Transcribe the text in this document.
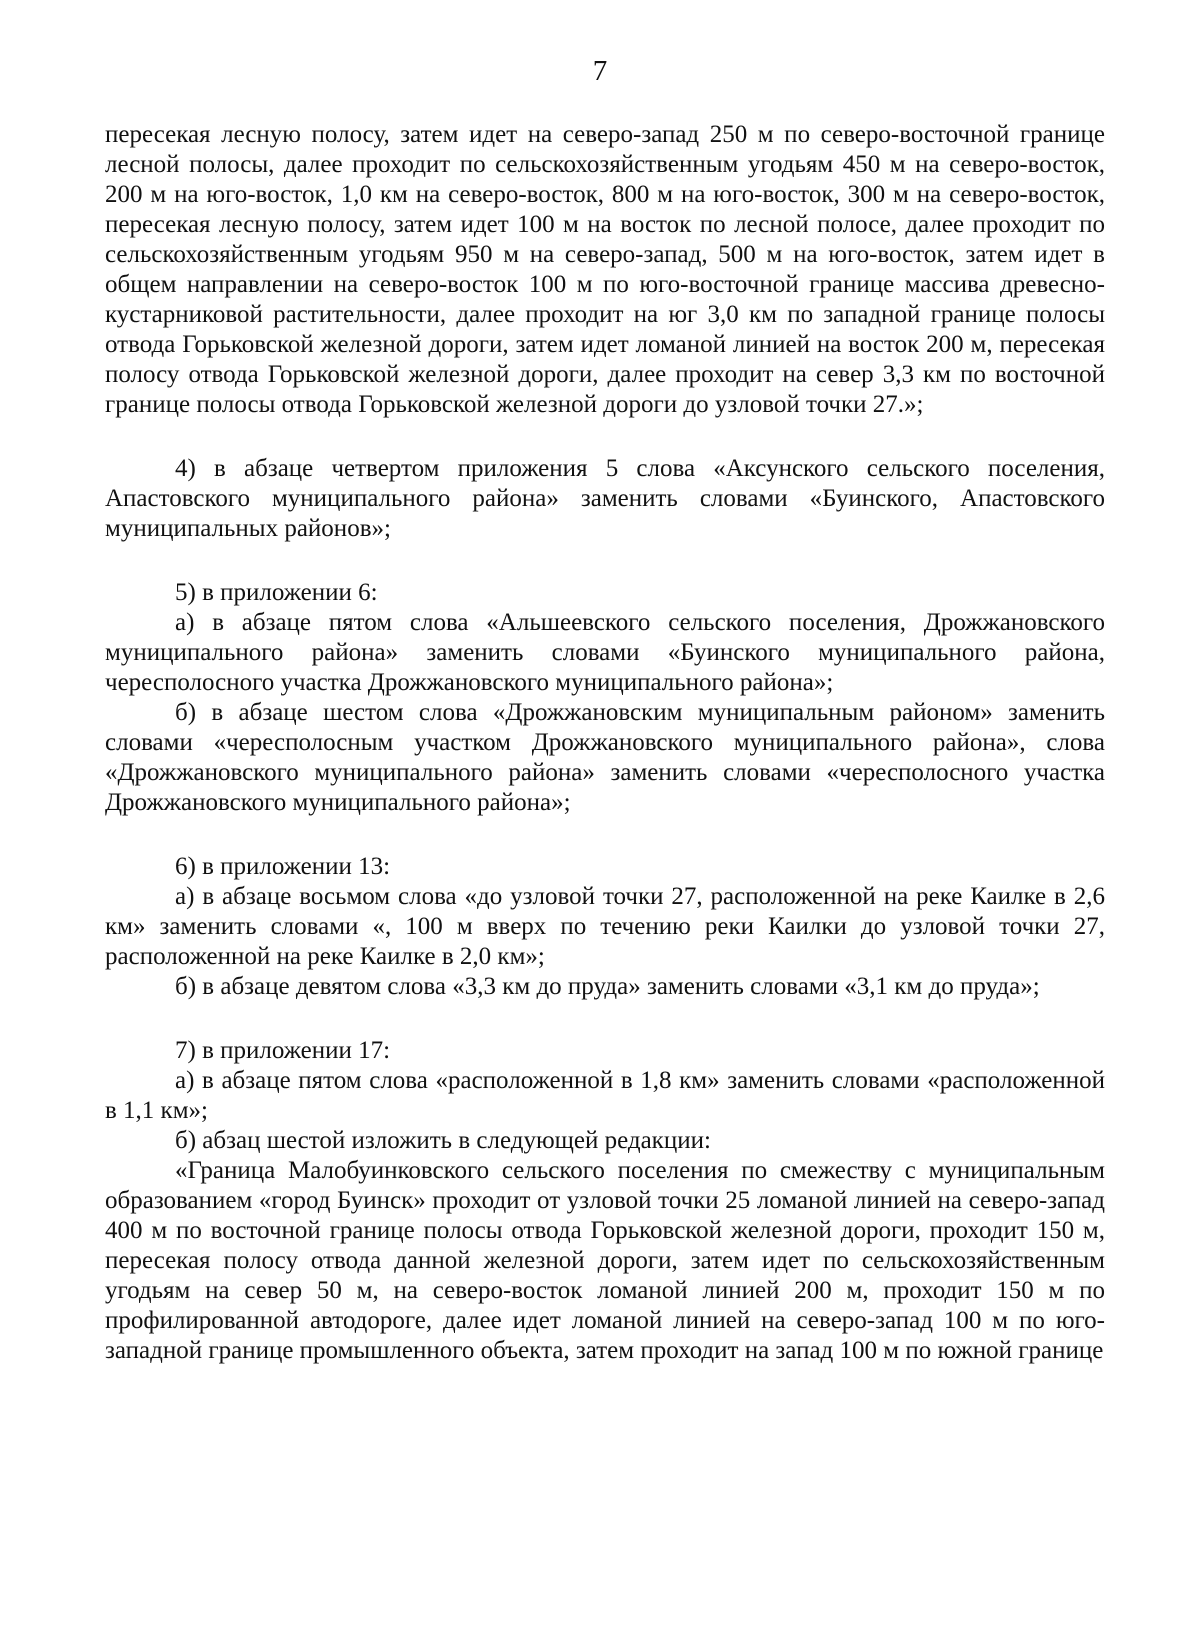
7

пересекая лесную полосу, затем идет на северо-запад 250 м по северо-восточной границе лесной полосы, далее проходит по сельскохозяйственным угодьям 450 м на северо-восток, 200 м на юго-восток, 1,0 км на северо-восток, 800 м на юго-восток, 300 м на северо-восток, пересекая лесную полосу, затем идет 100 м на восток по лесной полосе, далее проходит по сельскохозяйственным угодьям 950 м на северо-запад, 500 м на юго-восток, затем идет в общем направлении на северо-восток 100 м по юго-восточной границе массива древесно-кустарниковой растительности, далее проходит на юг 3,0 км по западной границе полосы отвода Горьковской железной дороги, затем идет ломаной линией на восток 200 м, пересекая полосу отвода Горьковской железной дороги, далее проходит на север 3,3 км по восточной границе полосы отвода Горьковской железной дороги до узловой точки 27.»;

4) в абзаце четвертом приложения 5 слова «Аксунского сельского поселения, Апастовского муниципального района» заменить словами «Буинского, Апастовского муниципальных районов»;

5) в приложении 6:

а) в абзаце пятом слова «Альшеевского сельского поселения, Дрожжановского муниципального района» заменить словами «Буинского муниципального района, чересполосного участка Дрожжановского муниципального района»;

б) в абзаце шестом слова «Дрожжановским муниципальным районом» заменить словами «чересполосным участком Дрожжановского муниципального района», слова «Дрожжановского муниципального района» заменить словами «чересполосного участка Дрожжановского муниципального района»;

6) в приложении 13:

а) в абзаце восьмом слова «до узловой точки 27, расположенной на реке Каилке в 2,6 км» заменить словами «, 100 м вверх по течению реки Каилки до узловой точки 27, расположенной на реке Каилке в 2,0 км»;

б) в абзаце девятом слова «3,3 км до пруда» заменить словами «3,1 км до пруда»;

7) в приложении 17:

а) в абзаце пятом слова «расположенной в 1,8 км» заменить словами «расположенной в 1,1 км»;

б) абзац шестой изложить в следующей редакции:

«Граница Малобуинковского сельского поселения по смежеству с муниципальным образованием «город Буинск» проходит от узловой точки 25 ломаной линией на северо-запад 400 м по восточной границе полосы отвода Горьковской железной дороги, проходит 150 м, пересекая полосу отвода данной железной дороги, затем идет по сельскохозяйственным угодьям на север 50 м, на северо-восток ломаной линией 200 м, проходит 150 м по профилированной автодороге, далее идет ломаной линией на северо-запад 100 м по юго-западной границе промышленного объекта, затем проходит на запад 100 м по южной границе
